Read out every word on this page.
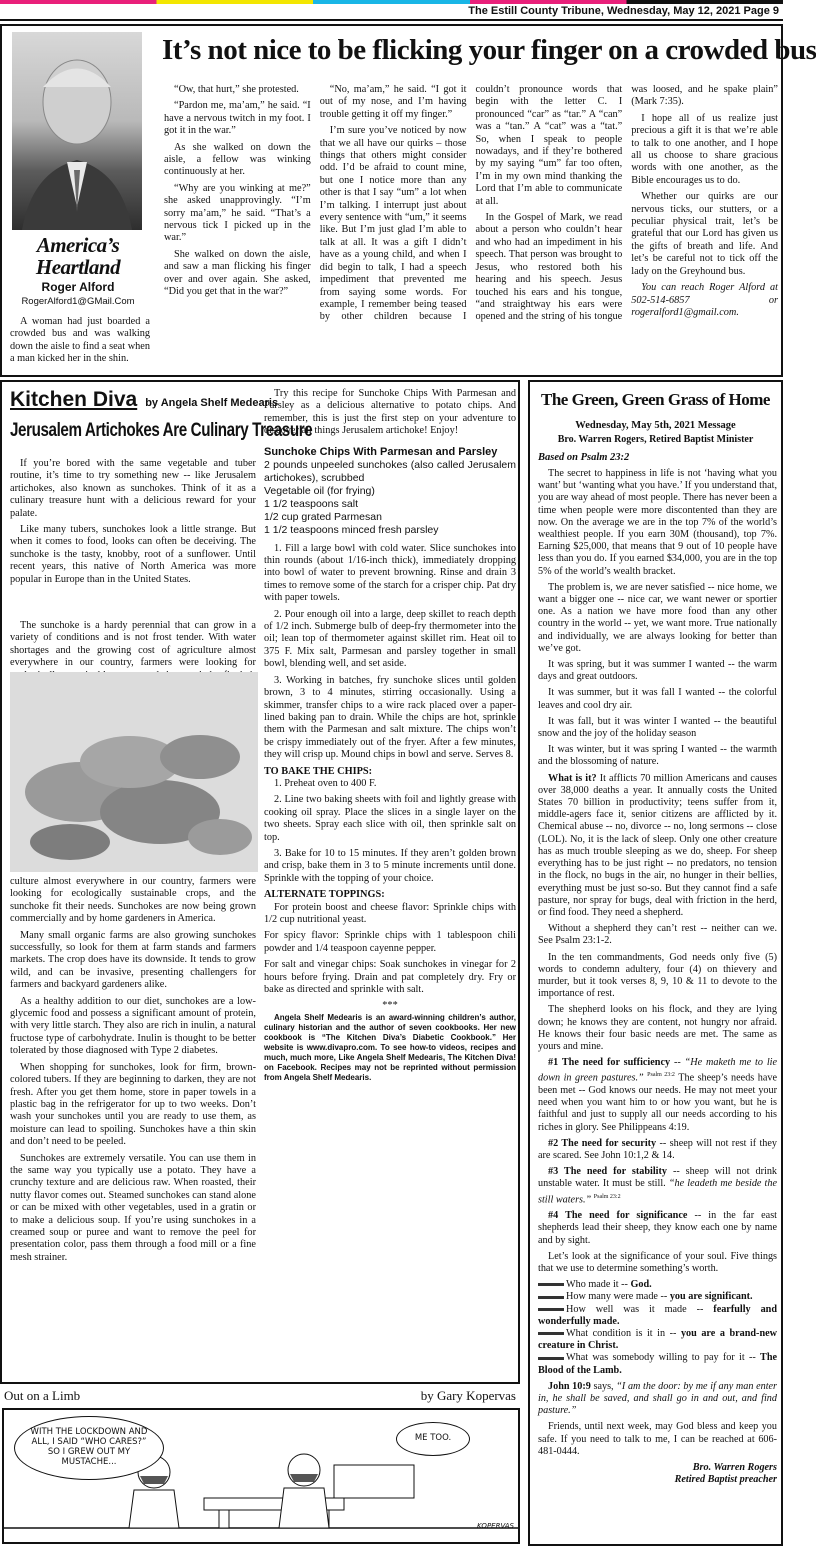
The Estill County Tribune, Wednesday, May 12, 2021 Page 9
America’s
Heartland
Roger Alford
RogerAlford1@GMail.Com
A woman had just boarded a crowded bus and was walking down the aisle to find a seat when a man kicked her in the shin.
It’s not nice to be flicking your finger on a crowded bus

“Ow, that hurt,” she protested.

“Pardon me, ma’am,” he said. “I have a nervous twitch in my foot. I got it in the war.”

As she walked on down the aisle, a fellow was winking continuously at her.

“Why are you winking at me?” she asked unapprovingly. “I’m sorry ma’am,” he said. “That’s a nervous tick I picked up in the war.”

She walked on down the aisle, and saw a man flicking his finger over and over again. She asked, “Did you get that in the war?”

“No, ma’am,” he said. “I got it out of my nose, and I’m having trouble getting it off my finger.”

I’m sure you’ve noticed by now that we all have our quirks – those things that others might consider odd. I’d be afraid to count mine, but one I notice more than any other is that I say “um” a lot when I’m talking. I interrupt just about every sentence with “um,” it seems like. But I’m just glad I’m able to talk at all. It was a gift I didn’t have as a young child, and when I did begin to talk, I had a speech impediment that prevented me from saying some words. For example, I remember being teased by other children because I couldn’t pronounce words that begin with the letter C. I pronounced “car” as “tar.” A “can” was a “tan.” A “cat” was a “tat.” So, when I speak to people nowadays, and if they’re bothered by my saying “um” far too often, I’m in my own mind thanking the Lord that I’m able to communicate at all.

In the Gospel of Mark, we read about a person who couldn’t hear and who had an impediment in his speech. That person was brought to Jesus, who restored both his hearing and his speech. Jesus touched his ears and his tongue, “and straightway his ears were opened and the string of his tongue was loosed, and he spake plain” (Mark 7:35).

I hope all of us realize just precious a gift it is that we’re able to talk to one another, and I hope all us choose to share gracious words with one another, as the Bible encourages us to do.

Whether our quirks are our nervous ticks, our stutters, or a peculiar physical trait, let’s be grateful that our Lord has given us the gifts of breath and life. And let’s be careful not to tick off the lady on the Greyhound bus.

You can reach Roger Alford at 502-514-6857 or rogeralford1@gmail.com.

Kitchen Diva by Angela Shelf Medearis
Jerusalem Artichokes Are Culinary Treasure

If you’re bored with the same vegetable and tuber routine, it’s time to try something new -- like Jerusalem artichokes, also known as sunchokes. Think of it as a culinary treasure hunt with a delicious reward for your palate.

Like many tubers, sunchokes look a little strange. But when it comes to food, looks can often be deceiving. The sunchoke is the tasty, knobby, root of a sunflower. Until recent years, this native of North America was more popular in Europe than in the United States.

The sunchoke is a hardy perennial that can grow in a variety of conditions and is not frost tender. With water shortages and the growing cost of agriculture almost everywhere in our country, farmers were looking for

culture almost everywhere in our country, farmers were looking for ecologically sustainable crops, and the sunchoke fit their needs. Sunchokes are now being grown commercially and by home gardeners in America.

Many small organic farms are also growing sunchokes successfully, so look for them at farm stands and farmers markets. The crop does have its downside. It tends to grow wild, and can be invasive, presenting challengers for farmers and backyard gardeners alike.

As a healthy addition to our diet, sunchokes are a low-glycemic food and possess a significant amount of protein, with very little starch. They also are rich in inulin, a natural fructose type of carbohydrate. Inulin is thought to be better tolerated by those diagnosed with Type 2 diabetes.

When shopping for sunchokes, look for firm, brown-colored tubers. If they are beginning to darken, they are not fresh. After you get them home, store in paper towels in a plastic bag in the refrigerator for up to two weeks. Don’t wash your sunchokes until you are ready to use them, as moisture can lead to spoiling. Sunchokes have a thin skin and don’t need to be peeled.

Sunchokes are extremely versatile. You can use them in the same way you typically use a potato. They have a crunchy texture and are delicious raw. When roasted, their nutty flavor comes out. Steamed sunchokes can stand alone or can be mixed with other vegetables, used in a gratin or to make a delicious soup. If you’re using sunchokes in a creamed soup or puree and want to remove the peel for presentation color, pass them through a food mill or a fine mesh strainer.

Try this recipe for Sunchoke Chips With Parmesan and Parsley as a delicious alternative to potato chips. And remember, this is just the first step on your adventure to discover all things Jerusalem artichoke! Enjoy!

Sunchoke Chips With Parmesan and Parsley
2 pounds unpeeled sunchokes (also called Jerusalem artichokes), scrubbed
Vegetable oil (for frying)
1 1/2 teaspoons salt
1/2 cup grated Parmesan
1 1/2 teaspoons minced fresh parsley

1. Fill a large bowl with cold water. Slice sunchokes into thin rounds (about 1/16-inch thick), immediately dropping into bowl of water to prevent browning. Rinse and drain 3 times to remove some of the starch for a crisper chip. Pat dry with paper towels.

2. Pour enough oil into a large, deep skillet to reach depth of 1/2 inch. Submerge bulb of deep-fry thermometer into the oil; lean top of thermometer against skillet rim. Heat oil to 375 F. Mix salt, Parmesan and parsley together in small bowl, blending well, and set aside.

3. Working in batches, fry sunchoke slices until golden brown, 3 to 4 minutes, stirring occasionally. Using a skimmer, transfer chips to a wire rack placed over a paper-lined baking pan to drain. While the chips are hot, sprinkle them with the Parmesan and salt mixture. The chips won’t be crispy immediately out of the fryer. After a few minutes, they will crisp up. Mound chips in bowl and serve. Serves 8.

TO BAKE THE CHIPS:

1. Preheat oven to 400 F.

2. Line two baking sheets with foil and lightly grease with cooking oil spray. Place the slices in a single layer on the two sheets. Spray each slice with oil, then sprinkle salt on top.

3. Bake for 10 to 15 minutes. If they aren’t golden brown and crisp, bake them in 3 to 5 minute increments until done. Sprinkle with the topping of your choice.

ALTERNATE TOPPINGS:

For protein boost and cheese flavor: Sprinkle chips with 1/2 cup nutritional yeast.

For spicy flavor: Sprinkle chips with 1 tablespoon chili powder and 1/4 teaspoon cayenne pepper.

For salt and vinegar chips: Soak sunchokes in vinegar for 2 hours before frying. Drain and pat completely dry. Fry or bake as directed and sprinkle with salt.

***

Angela Shelf Medearis is an award-winning children’s author, culinary historian and the author of seven cookbooks. Her new cookbook is “The Kitchen Diva’s Diabetic Cookbook.” Her website is www.divapro.com. To see how-to videos, recipes and much, much more, Like Angela Shelf Medearis, The Kitchen Diva! on Facebook. Recipes may not be reprinted without permission from Angela Shelf Medearis.

Out on a Limb	by Gary Kopervas
WITH THE LOCKDOWN AND ALL, I SAID “WHO CARES?” SO I GREW OUT MY MUSTACHE...
ME TOO.
KOPERVAS
The Green, Green Grass of Home
Wednesday, May 5th, 2021 Message
Bro. Warren Rogers, Retired Baptist Minister
Based on Psalm 23:2

The secret to happiness in life is not ‘having what you want’ but ‘wanting what you have.’ If you understand that, you are way ahead of most people. There has never been a time when people were more discontented than they are now. On the average we are in the top 7% of the world’s wealthiest people. If you earn 30M (thousand), top 7%. Earning $25,000, that means that 9 out of 10 people have less than you do. If you earned $34,000, you are in the top 5% of the world’s wealth bracket.

The problem is, we are never satisfied -- nice home, we want a bigger one -- nice car, we want newer or sportier one. As a nation we have more food than any other country in the world -- yet, we want more. True nationally and individually, we are always looking for better than we’ve got.

It was spring, but it was summer I wanted -- the warm days and great outdoors.

It was summer, but it was fall I wanted -- the colorful leaves and cool dry air.

It was fall, but it was winter I wanted -- the beautiful snow and the joy of the holiday season

It was winter, but it was spring I wanted -- the warmth and the blossoming of nature.

What is it? It afflicts 70 million Americans and causes over 38,000 deaths a year. It annually costs the United States 70 billion in productivity; teens suffer from it, middle-agers face it, senior citizens are afflicted by it. Chemical abuse -- no, divorce -- no, long sermons -- close (LOL). No, it is the lack of sleep. Only one other creature has as much trouble sleeping as we do, sheep. For sheep everything has to be just right -- no predators, no tension in the flock, no bugs in the air, no hunger in their bellies, everything must be just so-so. But they cannot find a safe pasture, nor spray for bugs, deal with friction in the herd, or find food. They need a shepherd.

Without a shepherd they can’t rest -- neither can we. See Psalm 23:1-2.

In the ten commandments, God needs only five (5) words to condemn adultery, four (4) on thievery and murder, but it took verses 8, 9, 10 & 11 to devote to the importance of rest.

The shepherd looks on his flock, and they are lying down; he knows they are content, not hungry nor afraid. He knows their four basic needs are met. The same as yours and mine.

#1 The need for sufficiency -- “He maketh me to lie down in green pastures.” $^{Psalm 23:2}$ The sheep’s needs have been met -- God knows our needs. He may not meet your need when you want him to or how you want, but he is faithful and just to supply all our needs according to his riches in glory. See Philippeans 4:19.

#2 The need for security -- sheep will not rest if they are scared. See John 10:1,2 & 14.

#3 The need for stability -- sheep will not drink unstable water. It must be still. “he leadeth me beside the still waters.” $^{Psalm 23:2}$

#4 The need for significance -- in the far east shepherds lead their sheep, they know each one by name and by sight.

Let’s look at the significance of your soul. Five things that we use to determine something’s worth.

Who made it -- God.
How many were made -- you are significant.
How well was it made -- fearfully and wonderfully made.
What condition is it in -- you are a brand-new creature in Christ.
What was somebody willing to pay for it -- The Blood of the Lamb.

John 10:9 says, “I am the door: by me if any man enter in, he shall be saved, and shall go in and out, and find pasture.”

Friends, until next week, may God bless and keep you safe. If you need to talk to me, I can be reached at 606-481-0444.

Bro. Warren Rogers
Retired Baptist preacher
